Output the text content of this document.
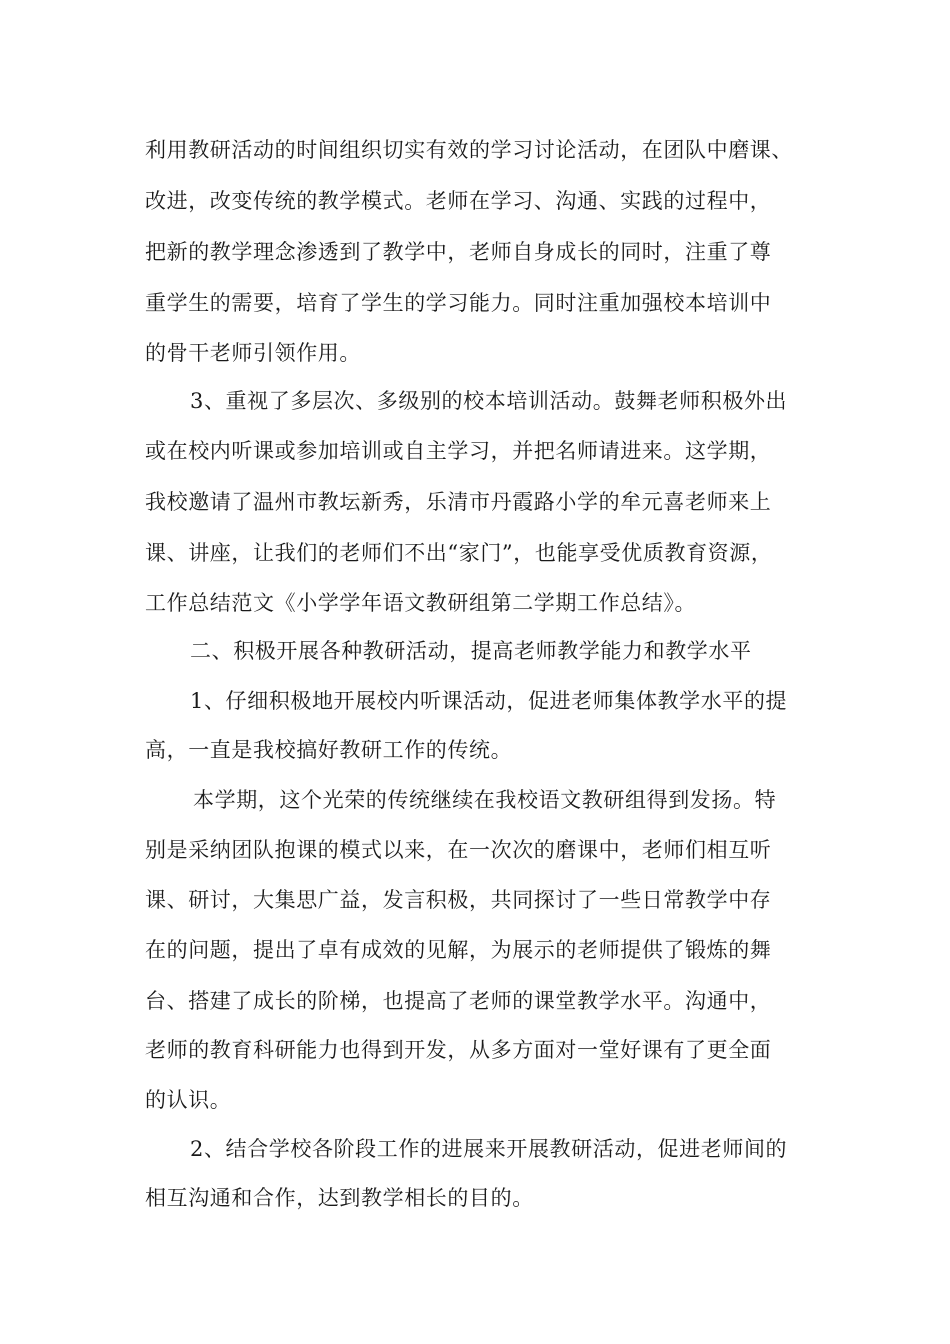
利用教研活动的时间组织切实有效的学习讨论活动，在团队中磨课、
改进，改变传统的教学模式。老师在学习、沟通、实践的过程中，
把新的教学理念渗透到了教学中，老师自身成长的同时，注重了尊
重学生的需要，培育了学生的学习能力。同时注重加强校本培训中
的骨干老师引领作用。
3、重视了多层次、多级别的校本培训活动。鼓舞老师积极外出
或在校内听课或参加培训或自主学习，并把名师请进来。这学期，
我校邀请了温州市教坛新秀，乐清市丹霞路小学的牟元喜老师来上
课、讲座，让我们的老师们不出“家门”，也能享受优质教育资源，
工作总结范文《小学学年语文教研组第二学期工作总结》。
二、积极开展各种教研活动，提高老师教学能力和教学水平
1、仔细积极地开展校内听课活动，促进老师集体教学水平的提
高，一直是我校搞好教研工作的传统。
本学期，这个光荣的传统继续在我校语文教研组得到发扬。特
别是采纳团队抱课的模式以来，在一次次的磨课中，老师们相互听
课、研讨，大集思广益，发言积极，共同探讨了一些日常教学中存
在的问题，提出了卓有成效的见解，为展示的老师提供了锻炼的舞
台、搭建了成长的阶梯，也提高了老师的课堂教学水平。沟通中，
老师的教育科研能力也得到开发，从多方面对一堂好课有了更全面
的认识。
2、结合学校各阶段工作的进展来开展教研活动，促进老师间的
相互沟通和合作，达到教学相长的目的。
